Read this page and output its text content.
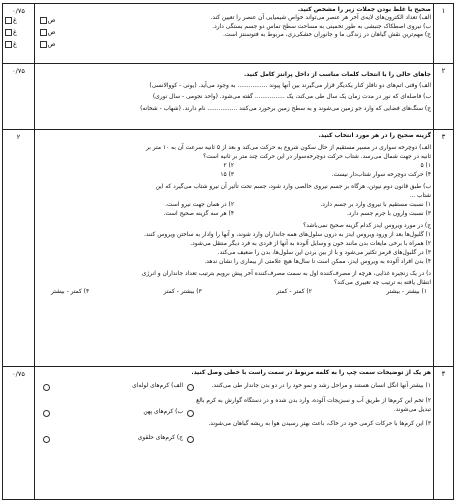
۱
۰/۷۵	صحیح یا غلط بودن جملات زیر را مشخص کنید.
الف) تعداد الکترون‌های لایه‌ی آخر هر عنصر می‌تواند خواص شیمیایی آن عنصر را تعیین کند.
ب) نیروی اصطکاک جنبشی به طور تخمینی به مساحت سطح تماس دو جسم بستگی دارد.
ج) مهم‌ترین نقش گیاهان در زندگی ما و جانوران خشکی‌زی، مربوط به فتوسنتز است.
غ	ص
غ	ص
غ	ص
۲
۰/۷۵	جاهای خالی را با انتخاب کلمات مناسب از داخل پرانتز کامل کنید.
الف) وقتی اتم‌های دو نافلز کنار یکدیگر قرار می‌گیرند بین آنها پیوند ................ به وجود می‌آید. (یونی - کووالانسی)
ب) فاصله‌ای که نور در مدت زمان یک سال طی می‌کند، یک ................ گفته می‌شود. (واحد نجومی - سال نوری)
ج) سنگ‌های فضایی که وارد جو زمین می‌شوند و به سطح زمین برخورد می‌کنند ................ نام دارند. (شهاب - شخانه)
۳
۲	گزینه صحیح را در هر مورد انتخاب کنید.
الف) دوچرخه سواری در مسیر مستقیم از حال سکون شروع به حرکت می‌کند و بعد از ۵ ثانیه سرعت آن به ۱۰ متر بر
ثانیه در جهت شمال می‌رسد. شتاب حرکت دوچرخه‌سوار در این حرکت چند متر بر ثانیه است؟
۱) ۵
۲) ۲
۴) حرکت دوچرخه سوار شتاب‌دار نیست.
۳) ۱۵
ب) طبق قانون دوم نیوتن، هرگاه بر جسم نیروی خالصی وارد شود، جسم تحت تأثیر آن نیرو شتاب می‌گیرد که این
شتاب ...
۱) نسبت مستقیم با نیروی وارد بر جسم دارد.
۲) در همان جهت نیرو است.
۳) نسبت وارون با جرم جسم دارد.
۴) هر سه گزینه صحیح است.
ج) در مورد ویروس ایدز کدام گزینه صحیح نمی‌باشد؟
۱) گلبول‌ها بعد از ورود ویروس ایدز به درون سلول‌های همه جانداران وارد شوند، و آنها را وادار به ساختن ویروس کنند.
۲) همراه با برخی مایعات بدن مانند خون و وسایل آلوده به آنها از فردی به فرد دیگر منتقل می‌شود.
۳) در گلبول‌های قرمز تکثیر می‌شود و با از بین بردن این سلول‌ها، بدن را ضعیف می‌کند.
۴) بدن افراد آلوده به ویروس ایدز، ممکن است تا سال‌ها هیچ علامتی از بیماری را نشان ندهد.
د) در یک زنجیره غذایی، هرچه از مصرف‌کننده اول به سمت مصرف‌کننده آخر پیش برویم بترتیب تعداد جانداران و انرژی
انتقال یافته به ترتیب چه تغییری می‌کند؟
۱) بیشتر - بیشتر
۲) کمتر - کمتر
۳) بیشتر - کمتر
۴) کمتر - بیشتر
۴
۰/۷۵	هر یک از توضیحات سمت چپ را به کلمه مربوط در سمت راست با خطی وصل کنید.
۱) بیشتر آنها انگل انسان هستند و مراحل رشد و نمو خود را در دو بدن جاندار طی می‌کنند.
۲) تخم این کرم‌ها از طریق آب و سبزیجات آلوده، وارد بدن شده و در دستگاه گوارش به کرم بالغ تبدیل می‌شوند.
۳) این کرم‌ها با حرکات کرمی خود در خاک، باعث بهتر رسیدن هوا به ریشه گیاهان می‌شوند.
الف) کرم‌های لوله‌ای
ب) کرم‌های پهن
ج) کرم‌های حلقوی
